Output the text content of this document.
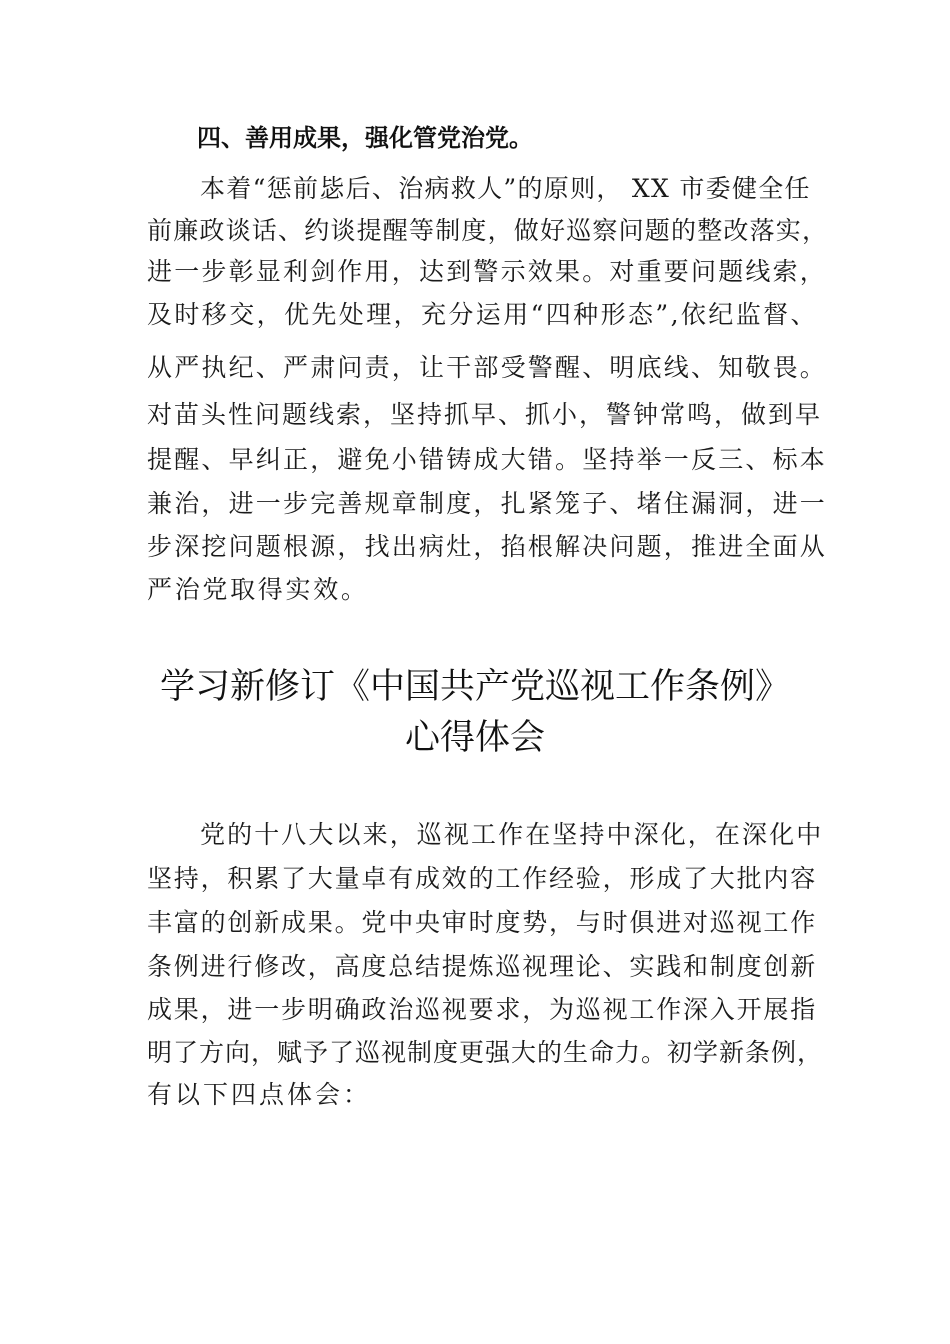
四、善用成果，强化管党治党。
本着“惩前毖后、治病救人”的原则， XX 市委健全任
前廉政谈话、约谈提醒等制度，做好巡察问题的整改落实，
进一步彰显利剑作用，达到警示效果。对重要问题线索，
及时移交，优先处理，充分运用“四种形态”,依纪监督、
从严执纪、严肃问责，让干部受警醒、明底线、知敬畏。
对苗头性问题线索，坚持抓早、抓小，警钟常鸣，做到早
提醒、早纠正，避免小错铸成大错。坚持举一反三、标本
兼治，进一步完善规章制度，扎紧笼子、堵住漏洞，进一
步深挖问题根源，找出病灶，掐根解决问题，推进全面从
严治党取得实效。
学习新修订《中国共产党巡视工作条例》
心得体会
党的十八大以来，巡视工作在坚持中深化，在深化中
坚持，积累了大量卓有成效的工作经验，形成了大批内容
丰富的创新成果。党中央审时度势，与时俱进对巡视工作
条例进行修改，高度总结提炼巡视理论、实践和制度创新
成果，进一步明确政治巡视要求，为巡视工作深入开展指
明了方向，赋予了巡视制度更强大的生命力。初学新条例，
有以下四点体会：
